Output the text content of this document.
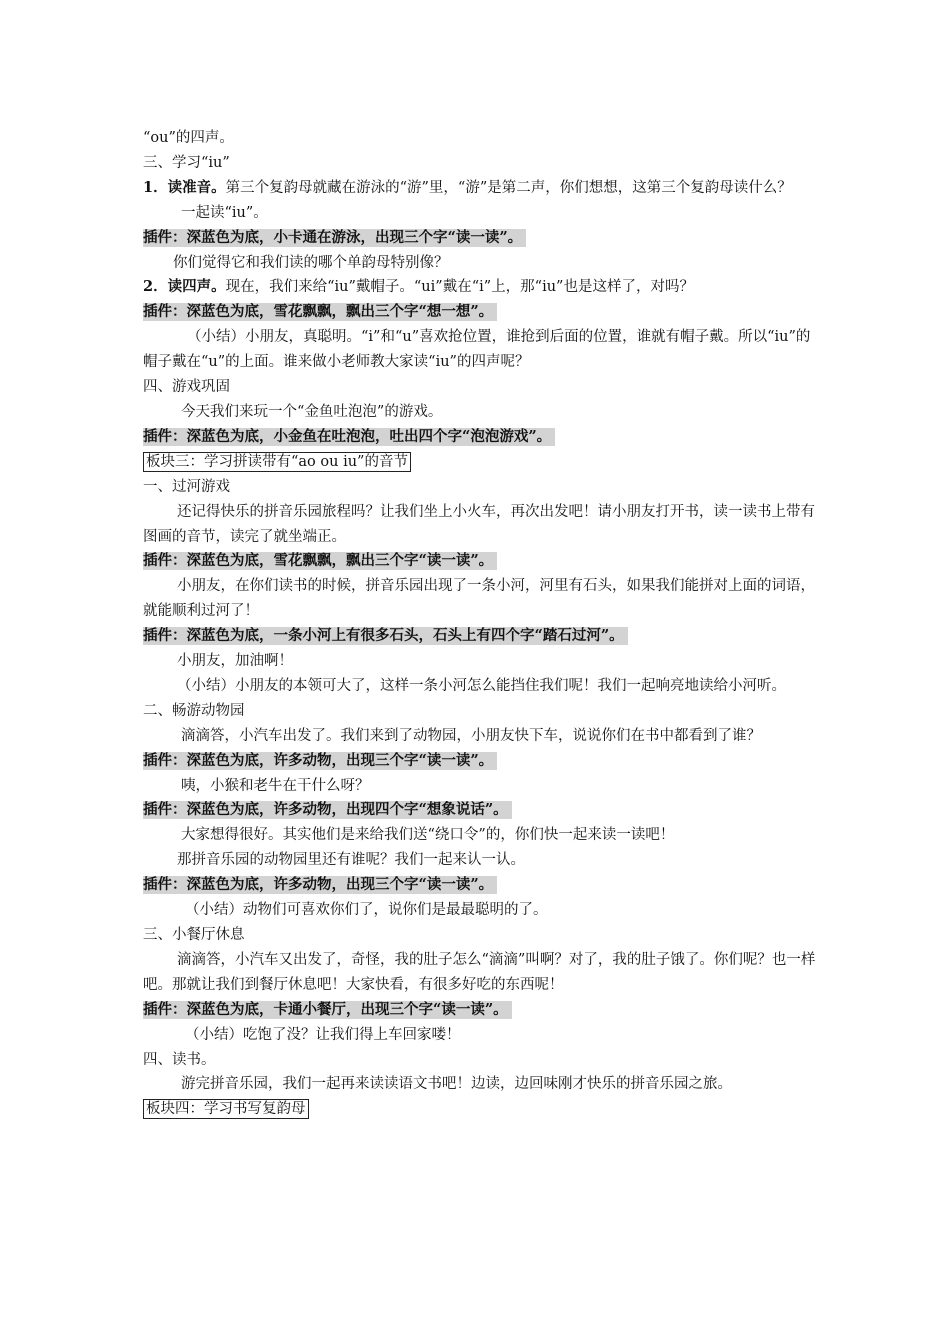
“ou”的四声。
三、学习“iu”
1．读准音。第三个复韵母就藏在游泳的“游”里，“游”是第二声，你们想想，这第三个复韵母读什么？
一起读“iu”。
插件：深蓝色为底，小卡通在游泳，出现三个字“读一读”。
你们觉得它和我们读的哪个单韵母特别像？
2．读四声。现在，我们来给“iu”戴帽子。“ui”戴在“i”上，那“iu”也是这样了，对吗？
插件：深蓝色为底，雪花飘飘，飘出三个字“想一想”。
（小结）小朋友，真聪明。“i”和“u”喜欢抢位置，谁抢到后面的位置，谁就有帽子戴。所以“iu”的帽子戴在“u”的上面。谁来做小老师教大家读“iu”的四声呢？
四、游戏巩固
今天我们来玩一个“金鱼吐泡泡”的游戏。
插件：深蓝色为底，小金鱼在吐泡泡，吐出四个字“泡泡游戏”。
板块三：学习拼读带有“ao ou iu”的音节
一、过河游戏
还记得快乐的拼音乐园旅程吗？让我们坐上小火车，再次出发吧！请小朋友打开书，读一读书上带有图画的音节，读完了就坐端正。
插件：深蓝色为底，雪花飘飘，飘出三个字“读一读”。
小朋友，在你们读书的时候，拼音乐园出现了一条小河，河里有石头，如果我们能拼对上面的词语，就能顺利过河了！
插件：深蓝色为底，一条小河上有很多石头，石头上有四个字“踏石过河”。
小朋友，加油啊！
（小结）小朋友的本领可大了，这样一条小河怎么能挡住我们呢！我们一起响亮地读给小河听。
二、畅游动物园
滴滴答，小汽车出发了。我们来到了动物园，小朋友快下车，说说你们在书中都看到了谁？
插件：深蓝色为底，许多动物，出现三个字“读一读”。
咦，小猴和老牛在干什么呀？
插件：深蓝色为底，许多动物，出现四个字“想象说话”。
大家想得很好。其实他们是来给我们送“绕口令”的，你们快一起来读一读吧！
那拼音乐园的动物园里还有谁呢？我们一起来认一认。
插件：深蓝色为底，许多动物，出现三个字“读一读”。
（小结）动物们可喜欢你们了，说你们是最最聪明的了。
三、小餐厅休息
滴滴答，小汽车又出发了，奇怪，我的肚子怎么“滴滴”叫啊？对了，我的肚子饿了。你们呢？也一样吧。那就让我们到餐厅休息吧！大家快看，有很多好吃的东西呢！
插件：深蓝色为底，卡通小餐厅，出现三个字“读一读”。
（小结）吃饱了没？让我们得上车回家喽！
四、读书。
游完拼音乐园，我们一起再来读读语文书吧！边读，边回味刚才快乐的拼音乐园之旅。
板块四：学习书写复韵母
